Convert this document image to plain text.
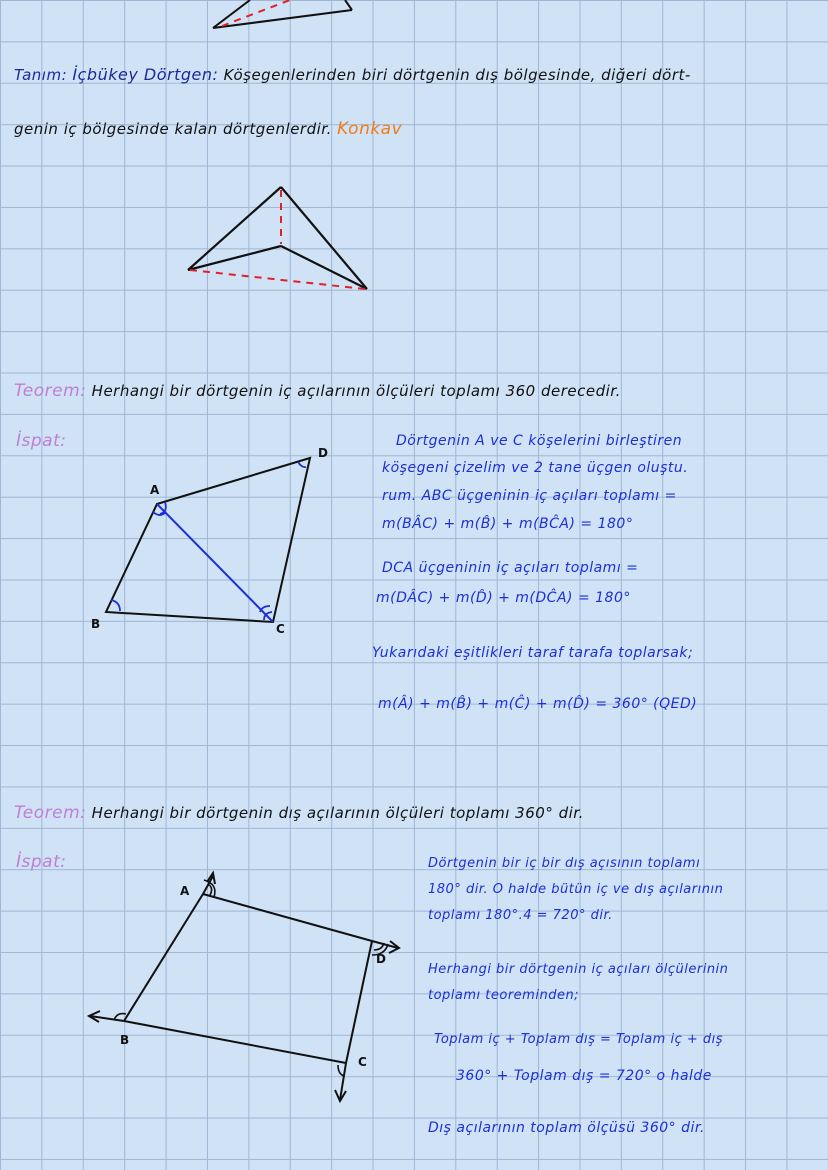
Tanım: İçbükey Dörtgen: Köşegenlerinden biri dörtgenin dış bölgesinde, diğeri dört-
genin iç bölgesinde kalan dörtgenlerdir. Konkav
Teorem: Herhangi bir dörtgenin iç açılarının ölçüleri toplamı 360 derecedir.
İspat:
A
B	C
D
Dörtgenin A ve C köşelerini birleştiren
köşegeni çizelim ve 2 tane üçgen oluştu.
rum. ABC üçgeninin iç açıları toplamı =
m(BÂC) + m(B̂) + m(BĈA) = 180°
DCA üçgeninin iç açıları toplamı =
m(DÂC) + m(D̂) + m(DĈA) = 180°
Yukarıdaki eşitlikleri taraf tarafa toplarsak;
m(Â) + m(B̂) + m(Ĉ) + m(D̂) = 360° (QED)
Teorem: Herhangi bir dörtgenin dış açılarının ölçüleri toplamı 360° dir.
İspat:
A
B
C
D
Dörtgenin bir iç bir dış açısının toplamı
180° dir. O halde bütün iç ve dış açılarının
toplamı 180°.4 = 720° dir.
Herhangi bir dörtgenin iç açıları ölçülerinin
toplamı teoreminden;
Toplam iç + Toplam dış = Toplam iç + dış
360° + Toplam dış = 720° o halde
Dış açılarının toplam ölçüsü 360° dir.
